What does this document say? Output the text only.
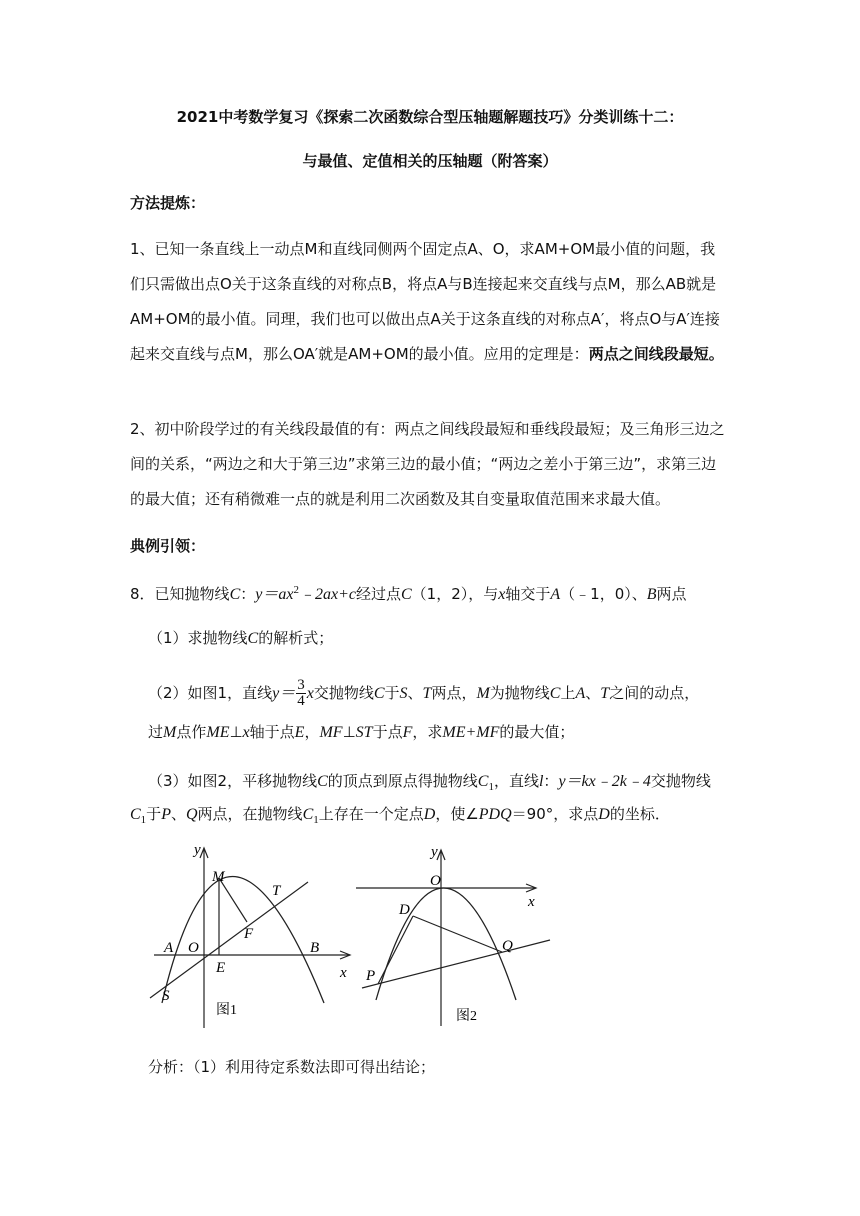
2021中考数学复习《探索二次函数综合型压轴题解题技巧》分类训练十二：
与最值、定值相关的压轴题（附答案）
方法提炼：
1、已知一条直线上一动点M和直线同侧两个固定点A、O，求AM+OM最小值的问题，我们只需做出点O关于这条直线的对称点B，将点A与B连接起来交直线与点M，那么AB就是AM+OM的最小值。同理，我们也可以做出点A关于这条直线的对称点A′，将点O与A′连接起来交直线与点M，那么OA′就是AM+OM的最小值。应用的定理是：两点之间线段最短。
2、初中阶段学过的有关线段最值的有：两点之间线段最短和垂线段最短；及三角形三边之间的关系，“两边之和大于第三边”求第三边的最小值；“两边之差小于第三边”，求第三边的最大值；还有稍微难一点的就是利用二次函数及其自变量取值范围来求最大值。
典例引领：
8．已知抛物线C：$y=ax^2﹣2ax+c$经过点C（1，2），与x轴交于A（﹣1，0）、B两点
（1）求抛物线C的解析式；
（2）如图1，直线$y= \frac{3}{4}$ x交抛物线C于S、T两点，M为抛物线C上A、T之间的动点，
过M点作ME⊥x轴于点E，MF⊥ST于点F，求ME+MF的最大值；
（3）如图2，平移抛物线C的顶点到原点得抛物线$C_1$，直线l：y＝kx﹣2k﹣4交抛物线
$C_1$于P、Q两点，在抛物线$C_1$上存在一个定点D，使∠PDQ＝90°，求点D的坐标．
y
x
M
T
F
A O
E
B
S
图1
y
x
O
D
Q
P
图2
分析：（1）利用待定系数法即可得出结论；
